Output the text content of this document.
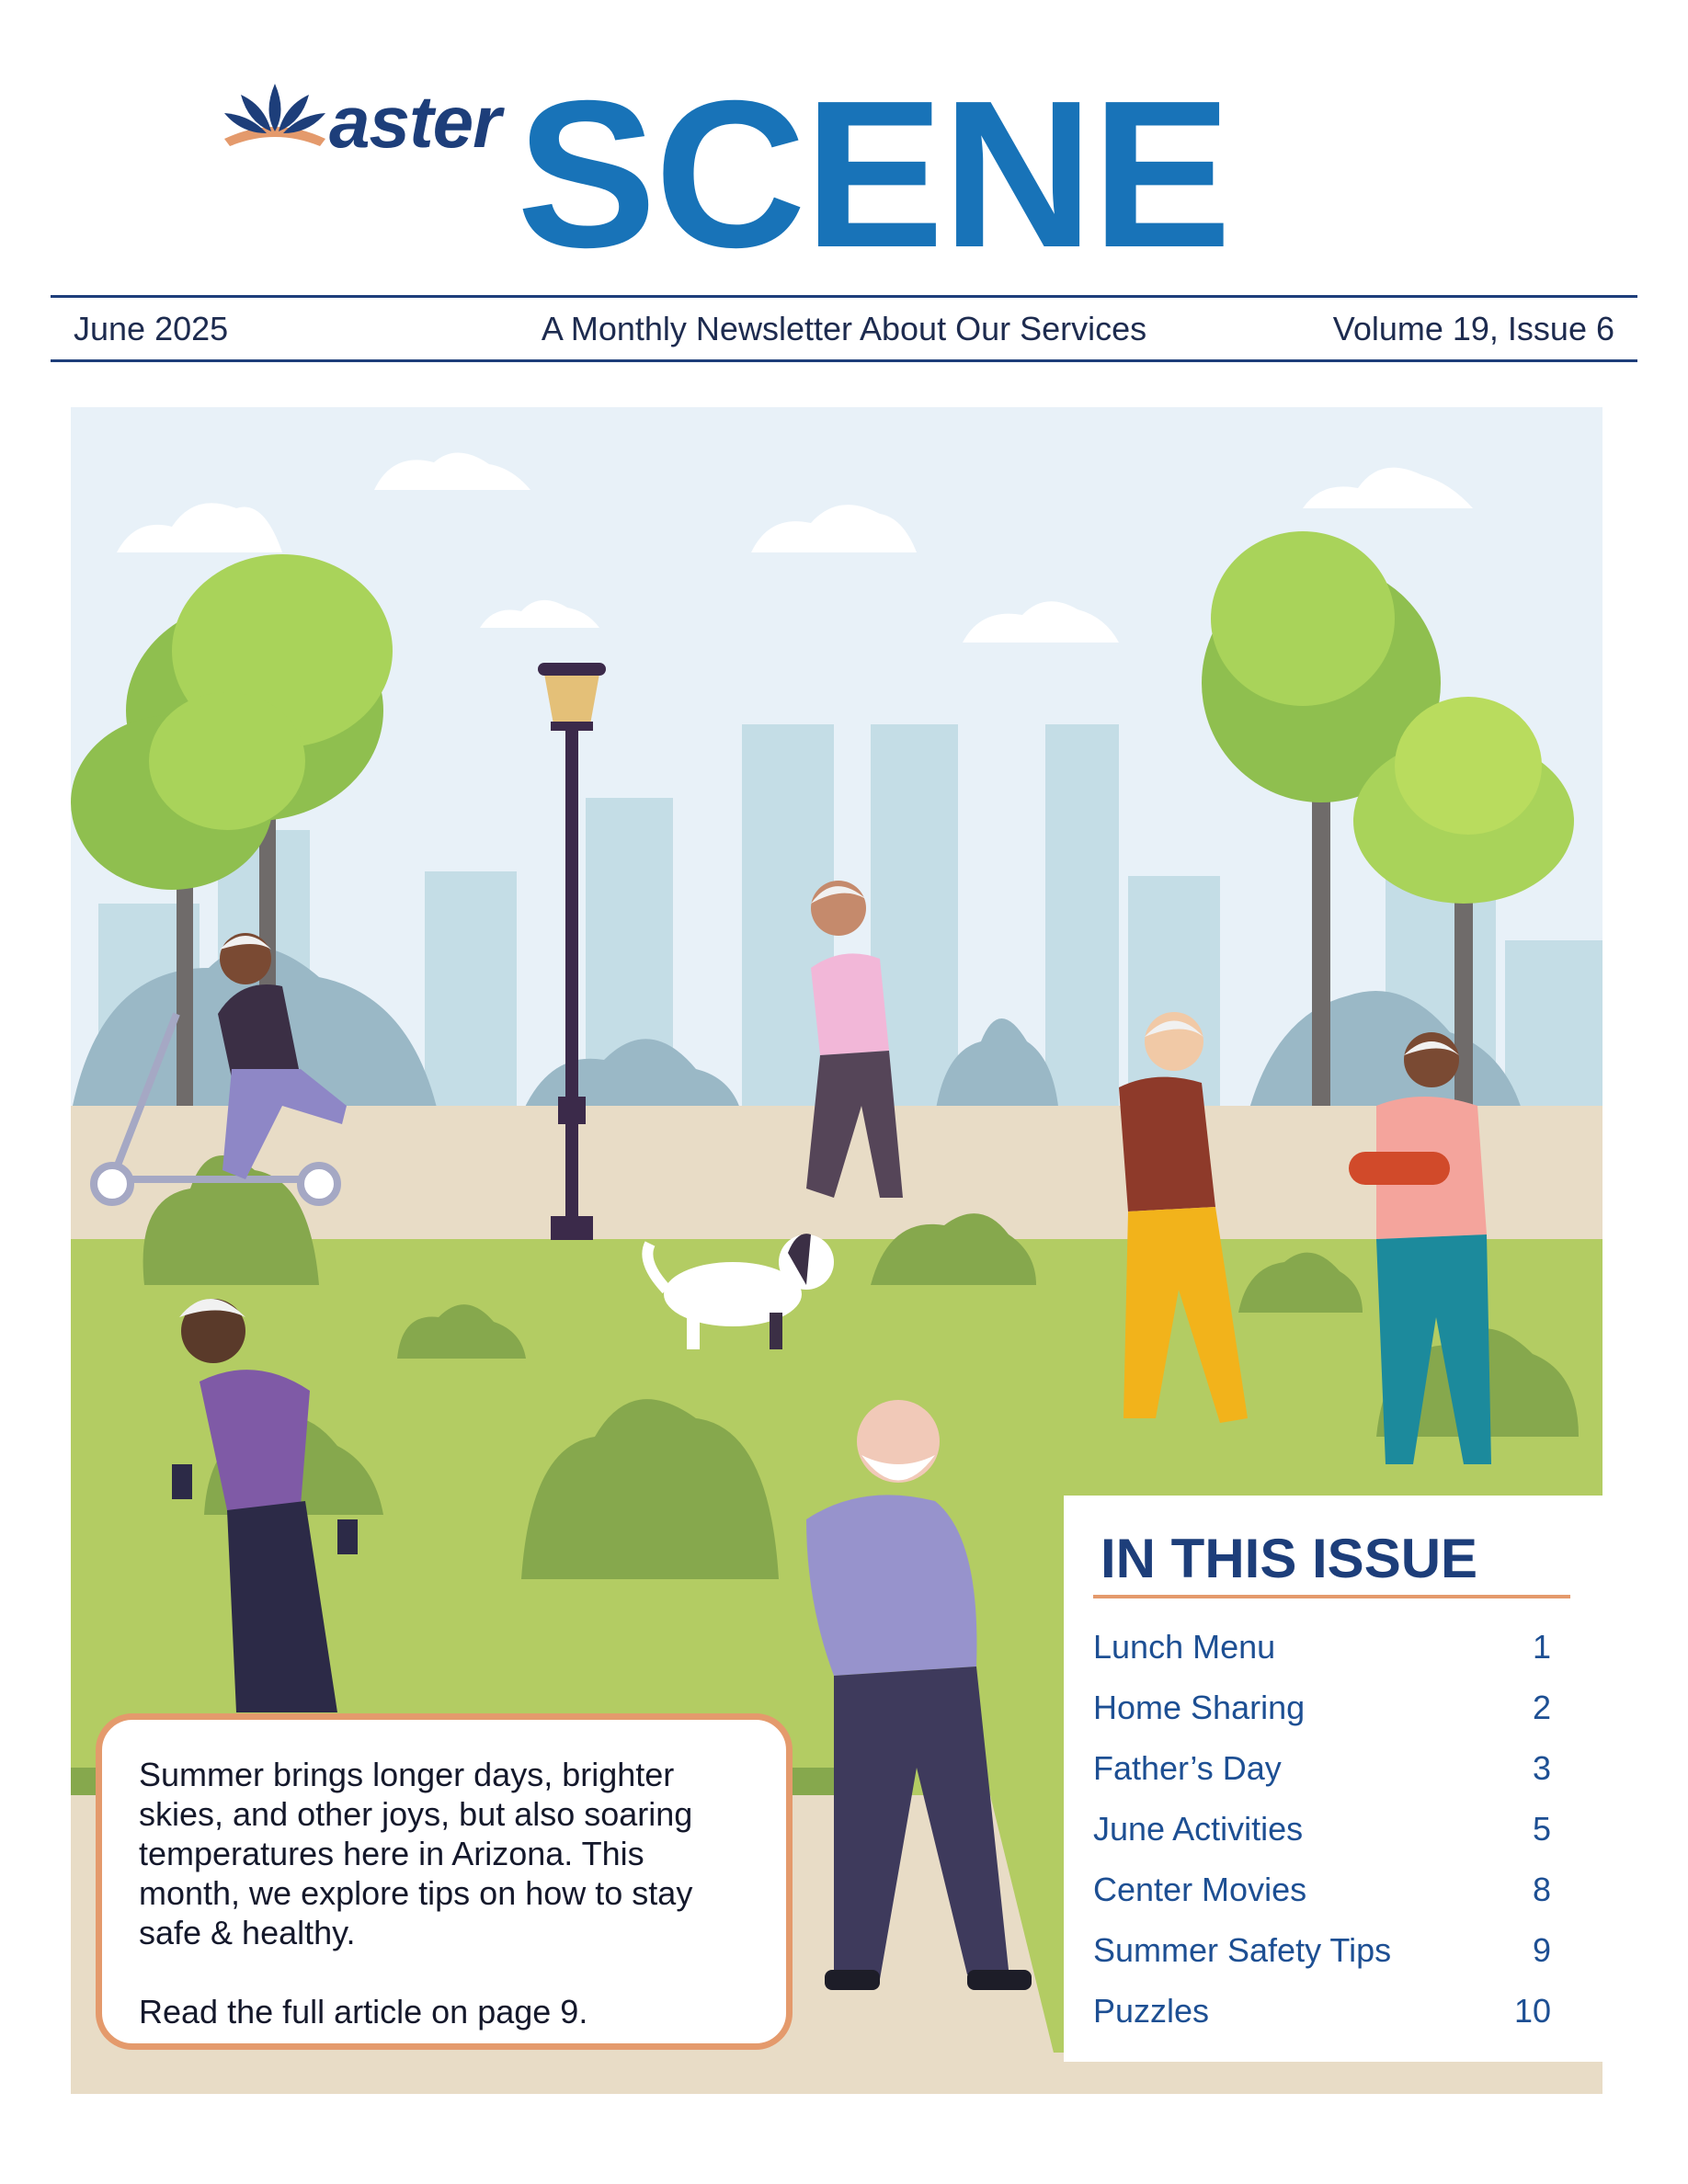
aster SCENE
June 2025	A Monthly Newsletter About Our Services	Volume 19, Issue 6

Summer brings longer days, brighter skies, and other joys, but also soaring temperatures here in Arizona. This month, we explore tips on how to stay safe & healthy.

Read the full article on page 9.

IN THIS ISSUE
Lunch Menu	1
Home Sharing	2
Father’s Day	3
June Activities	5
Center Movies	8
Summer Safety Tips	9
Puzzles	10
